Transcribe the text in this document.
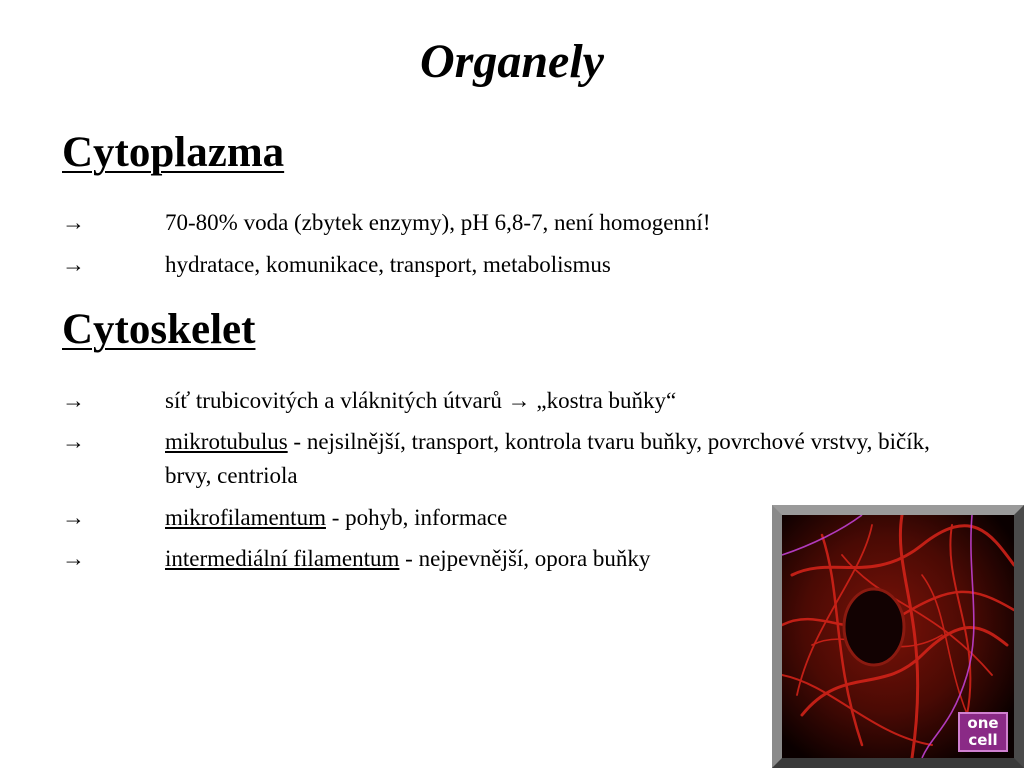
Organely
Cytoplazma
→	70-80% voda (zbytek enzymy), pH 6,8-7, není homogenní!
→	hydratace, komunikace, transport, metabolismus
Cytoskelet
→	síť trubicovitých a vláknitých útvarů → „kostra buňky“
→	mikrotubulus - nejsilnější, transport, kontrola tvaru buňky, povrchové vrstvy, bičík, brvy, centriola
→	mikrofilamentum - pohyb, informace
→	intermediální filamentum - nejpevnější, opora buňky
one
cell
